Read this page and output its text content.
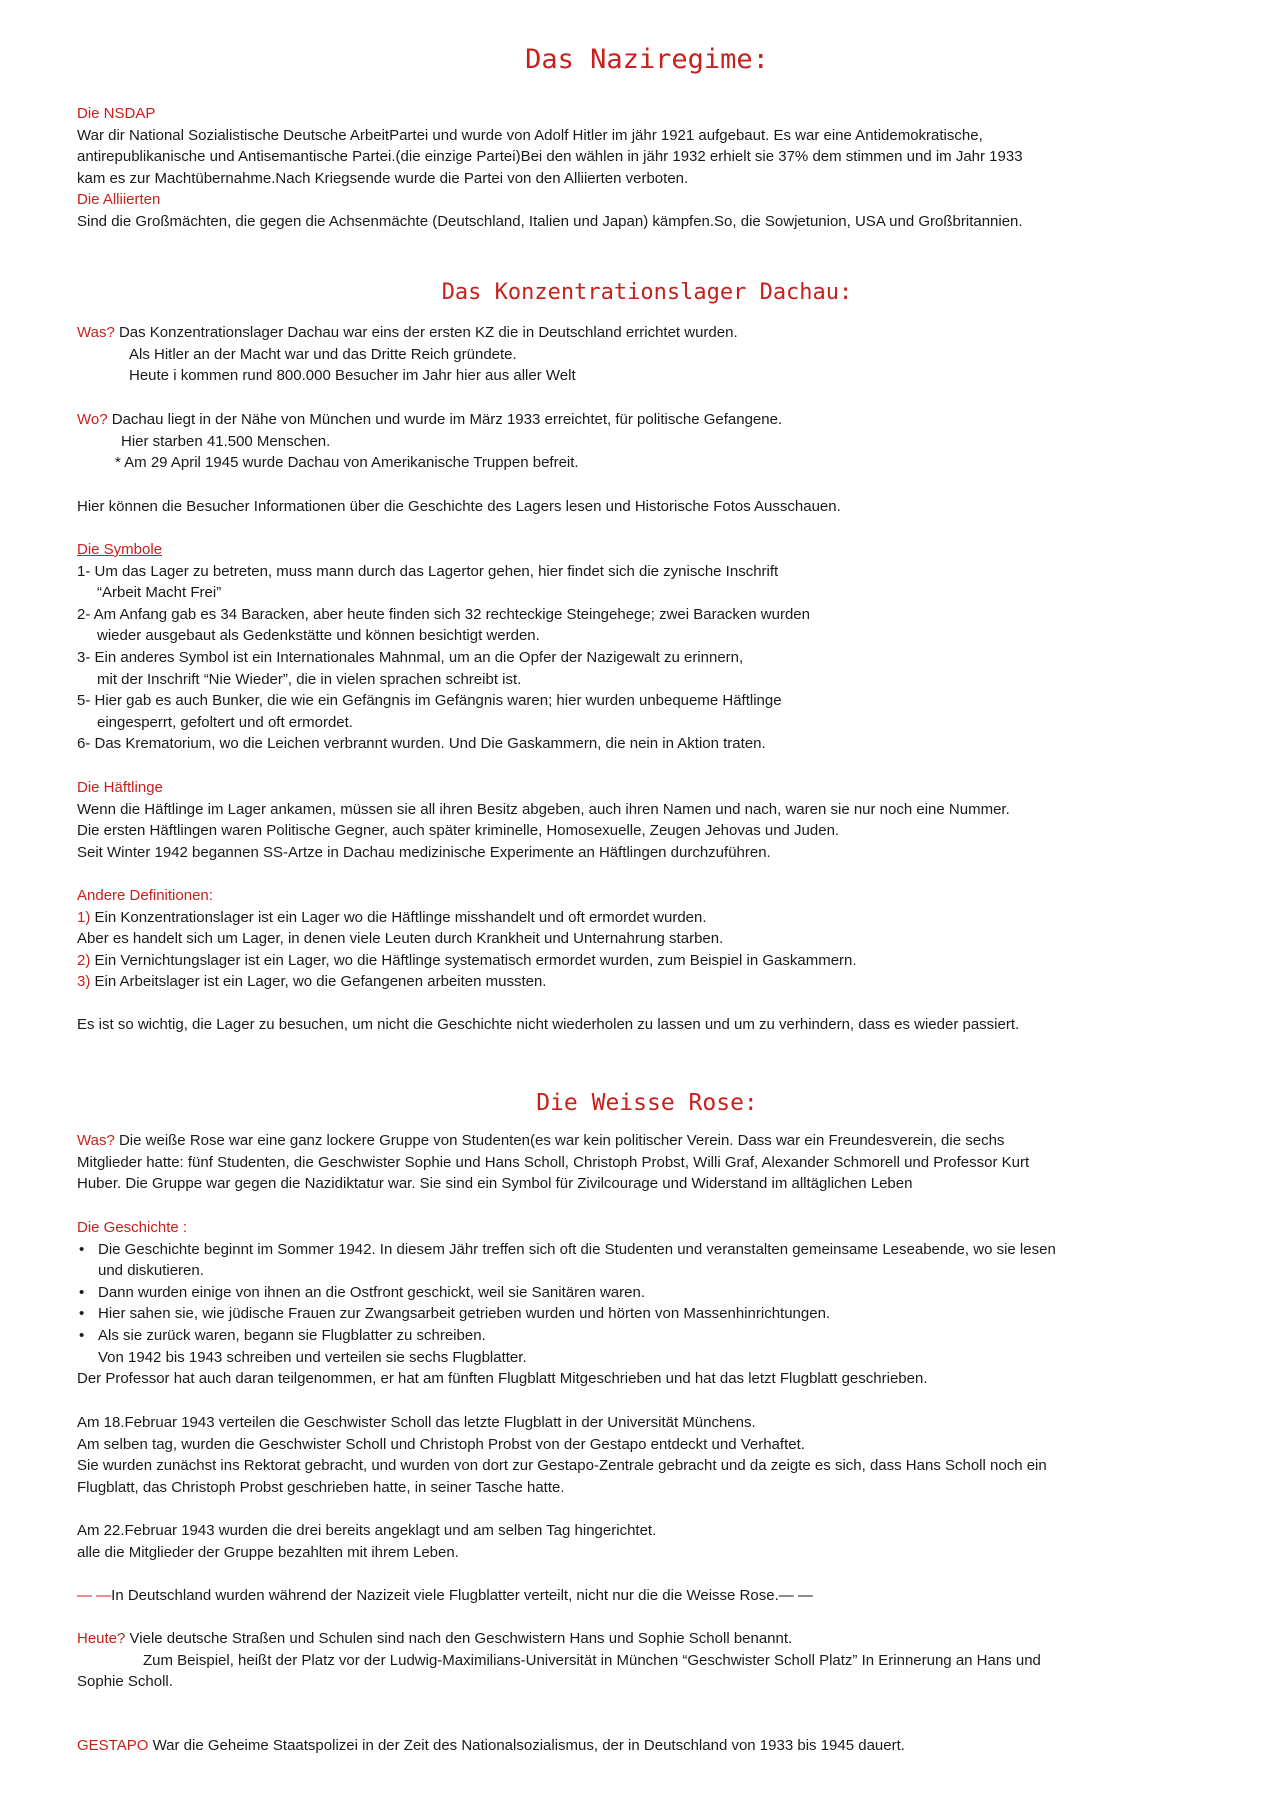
Das Naziregime:

Die NSDAP

War dir National Sozialistische Deutsche ArbeitPartei und wurde von Adolf Hitler im jähr 1921 aufgebaut. Es war eine Antidemokratische,

antirepublikanische und Antisemantische Partei.(die einzige Partei)Bei den wählen in jähr 1932 erhielt sie 37% dem stimmen und im Jahr 1933

kam es zur Machtübernahme.Nach Kriegsende wurde die Partei von den Alliierten verboten.

Die Alliierten

Sind die Großmächten, die gegen die Achsenmächte (Deutschland, Italien und Japan) kämpfen.So, die Sowjetunion, USA und Großbritannien.

Das Konzentrationslager Dachau:

Was? Das Konzentrationslager Dachau war eins der ersten KZ die in Deutschland errichtet wurden.

Als Hitler an der Macht war und das Dritte Reich gründete.

Heute i kommen rund 800.000 Besucher im Jahr hier aus aller Welt

Wo? Dachau liegt in der Nähe von München und wurde im März 1933 erreichtet, für politische Gefangene.

Hier starben 41.500 Menschen.

* Am 29 April 1945 wurde Dachau von Amerikanische Truppen befreit.

Hier können die Besucher Informationen über die Geschichte des Lagers lesen und Historische Fotos Ausschauen.

Die Symbole

1- Um das Lager zu betreten, muss mann durch das Lagertor gehen, hier findet sich die zynische Inschrift

“Arbeit Macht Frei”

2- Am Anfang gab es 34 Baracken, aber heute finden sich 32 rechteckige Steingehege; zwei Baracken wurden

wieder ausgebaut als Gedenkstätte und können besichtigt werden.

3- Ein anderes Symbol ist ein Internationales Mahnmal, um an die Opfer der Nazigewalt zu erinnern,

mit der Inschrift “Nie Wieder”, die in vielen sprachen schreibt ist.

5- Hier gab es auch Bunker, die wie ein Gefängnis im Gefängnis waren; hier wurden unbequeme Häftlinge

eingesperrt, gefoltert und oft ermordet.

6- Das Krematorium, wo die Leichen verbrannt wurden. Und Die Gaskammern, die nein in Aktion traten.

Die Häftlinge

Wenn die Häftlinge im Lager ankamen, müssen sie all ihren Besitz abgeben, auch ihren Namen und nach, waren sie nur noch eine Nummer.

Die ersten Häftlingen waren Politische Gegner, auch später kriminelle, Homosexuelle, Zeugen Jehovas und Juden.

Seit Winter 1942 begannen SS-Artze in Dachau medizinische Experimente an Häftlingen durchzuführen.

Andere Definitionen:

1) Ein Konzentrationslager ist ein Lager wo die Häftlinge misshandelt und oft ermordet wurden.

Aber es handelt sich um Lager, in denen viele Leuten durch Krankheit und Unternahrung starben.

2) Ein Vernichtungslager ist ein Lager, wo die Häftlinge systematisch ermordet wurden, zum Beispiel in Gaskammern.

3) Ein Arbeitslager ist ein Lager, wo die Gefangenen arbeiten mussten.

Es ist so wichtig, die Lager zu besuchen, um nicht die Geschichte nicht wiederholen zu lassen und um zu verhindern, dass es wieder passiert.

Die Weisse Rose:

Was? Die weiße Rose war eine ganz lockere Gruppe von Studenten(es war kein politischer Verein. Dass war ein Freundesverein, die sechs

Mitglieder hatte: fünf Studenten, die Geschwister Sophie und Hans Scholl, Christoph Probst, Willi Graf, Alexander Schmorell und Professor Kurt

Huber. Die Gruppe war gegen die Nazidiktatur war. Sie sind ein Symbol für Zivilcourage und Widerstand im alltäglichen Leben

Die Geschichte :

• Die Geschichte beginnt im Sommer 1942. In diesem Jähr treffen sich oft die Studenten und veranstalten gemeinsame Leseabende, wo sie lesen

und diskutieren.

• Dann wurden einige von ihnen an die Ostfront geschickt, weil sie Sanitären waren.

• Hier sahen sie, wie jüdische Frauen zur Zwangsarbeit getrieben wurden und hörten von Massenhinrichtungen.

• Als sie zurück waren, begann sie Flugblatter zu schreiben.

Von 1942 bis 1943 schreiben und verteilen sie sechs Flugblatter.

Der Professor hat auch daran teilgenommen, er hat am fünften Flugblatt Mitgeschrieben und hat das letzt Flugblatt geschrieben.

Am 18.Februar 1943 verteilen die Geschwister Scholl das letzte Flugblatt in der Universität Münchens.

Am selben tag, wurden die Geschwister Scholl und Christoph Probst von der Gestapo entdeckt und Verhaftet.

Sie wurden zunächst ins Rektorat gebracht, und wurden von dort zur Gestapo-Zentrale gebracht und da zeigte es sich, dass Hans Scholl noch ein

Flugblatt, das Christoph Probst geschrieben hatte, in seiner Tasche hatte.

Am 22.Februar 1943 wurden die drei bereits angeklagt und am selben Tag hingerichtet.

alle die Mitglieder der Gruppe bezahlten mit ihrem Leben.

— —In Deutschland wurden während der Nazizeit viele Flugblatter verteilt, nicht nur die die Weisse Rose.— —

Heute? Viele deutsche Straßen und Schulen sind nach den Geschwistern Hans und Sophie Scholl benannt.

Zum Beispiel, heißt der Platz vor der Ludwig-Maximilians-Universität in München “Geschwister Scholl Platz” In Erinnerung an Hans und

Sophie Scholl.

GESTAPO War die Geheime Staatspolizei in der Zeit des Nationalsozialismus, der in Deutschland von 1933 bis 1945 dauert.
